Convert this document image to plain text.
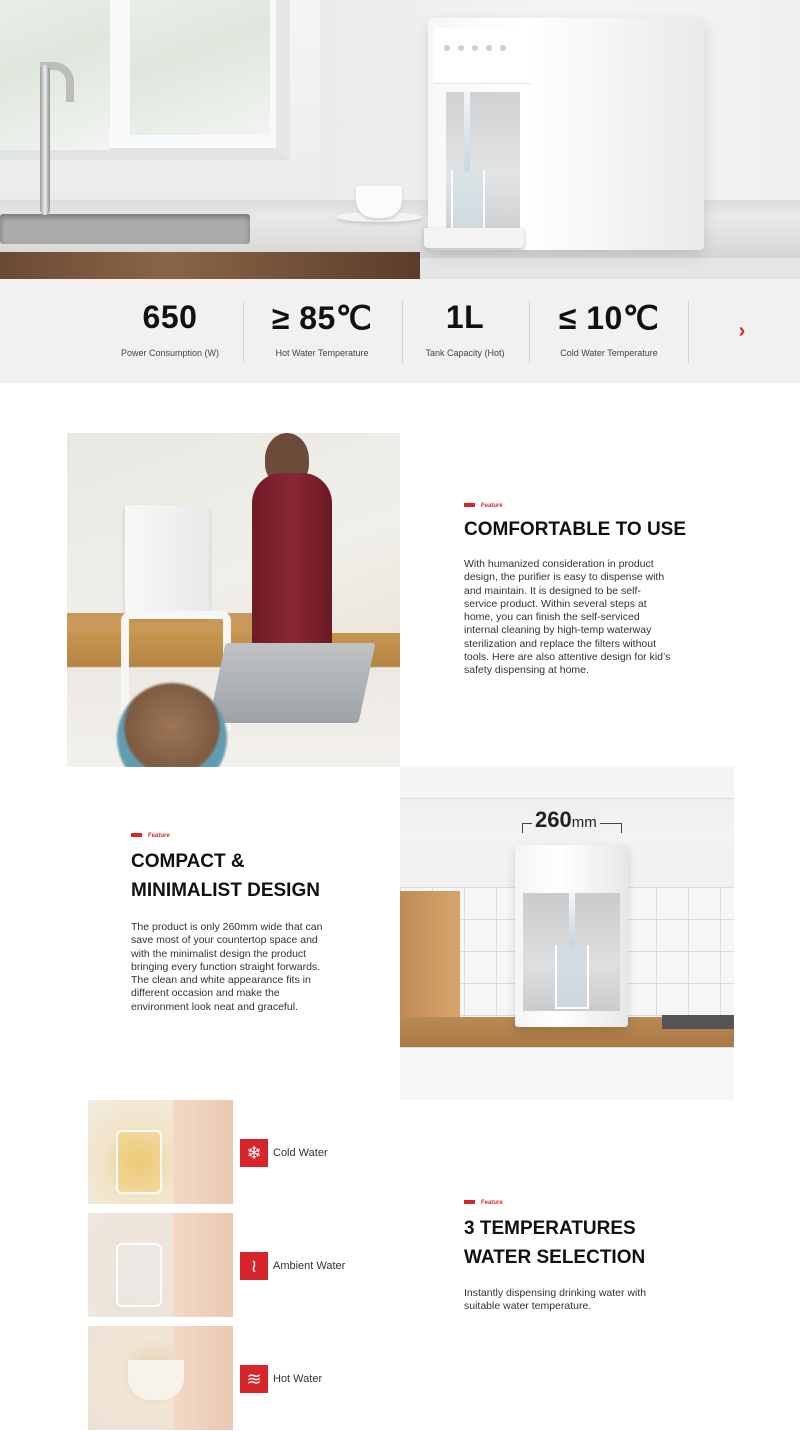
650
Power Consumption (W)
≥ 85℃
Hot Water Temperature
1L
Tank Capacity (Hot)
≤ 10℃
Cold Water Temperature
›
Feature
COMFORTABLE TO USE
With humanized consideration in product design, the purifier is easy to dispense with and maintain. It is designed to be self-service product. Within several steps at home, you can finish the self-serviced internal cleaning by high-temp waterway sterilization and replace the filters without tools. Here are also attentive design for kid’s safety dispensing at home.
Feature
COMPACT &
MINIMALIST DESIGN
The product is only 260mm wide that can save most of your countertop space and with the minimalist design the product bringing every function straight forwards. The clean and white appearance fits in different occasion and make the environment look neat and graceful.
260mm
❄	Cold Water
≀	Ambient Water
≋	Hot Water
Feature
3 TEMPERATURES
WATER SELECTION
Instantly dispensing drinking water with suitable water temperature.
